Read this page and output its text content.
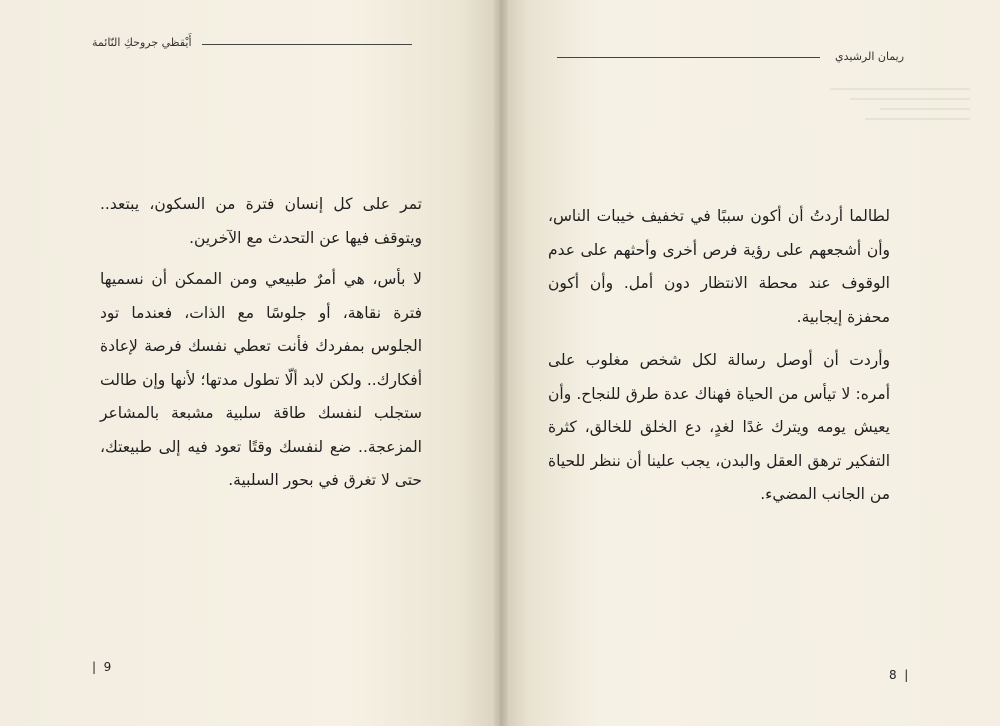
أَيْقظي جروحكِ النّائمة

تمر على كل إنسان فترة من السكون، يبتعد.. ويتوقف فيها عن التحدث مع الآخرين.

لا بأس، هي أمرٌ طبيعي ومن الممكن أن نسميها فترة نقاهة، أو جلوسًا مع الذات، فعندما تود الجلوس بمفردك فأنت تعطي نفسك فرصة لإعادة أفكارك.. ولكن لابد ألّا تطول مدتها؛ لأنها وإن طالت ستجلب لنفسك طاقة سلبية مشبعة بالمشاعر المزعجة.. ضع لنفسك وقتًا تعود فيه إلى طبيعتك، حتى لا تغرق في بحور السلبية.

|  9
ريمان الرشيدي

لطالما أردتُ أن أكون سببًا في تخفيف خيبات الناس، وأن أشجعهم على رؤية فرص أخرى وأحثهم على عدم الوقوف عند محطة الانتظار دون أمل. وأن أكون محفزة إيجابية.

وأردت أن أوصل رسالة لكل شخص مغلوب على أمره: لا تيأس من الحياة فهناك عدة طرق للنجاح. وأن يعيش يومه ويترك غدًا لغدٍ، دع الخلق للخالق، كثرة التفكير ترهق العقل والبدن، يجب علينا أن ننظر للحياة من الجانب المضيء.

8  |
